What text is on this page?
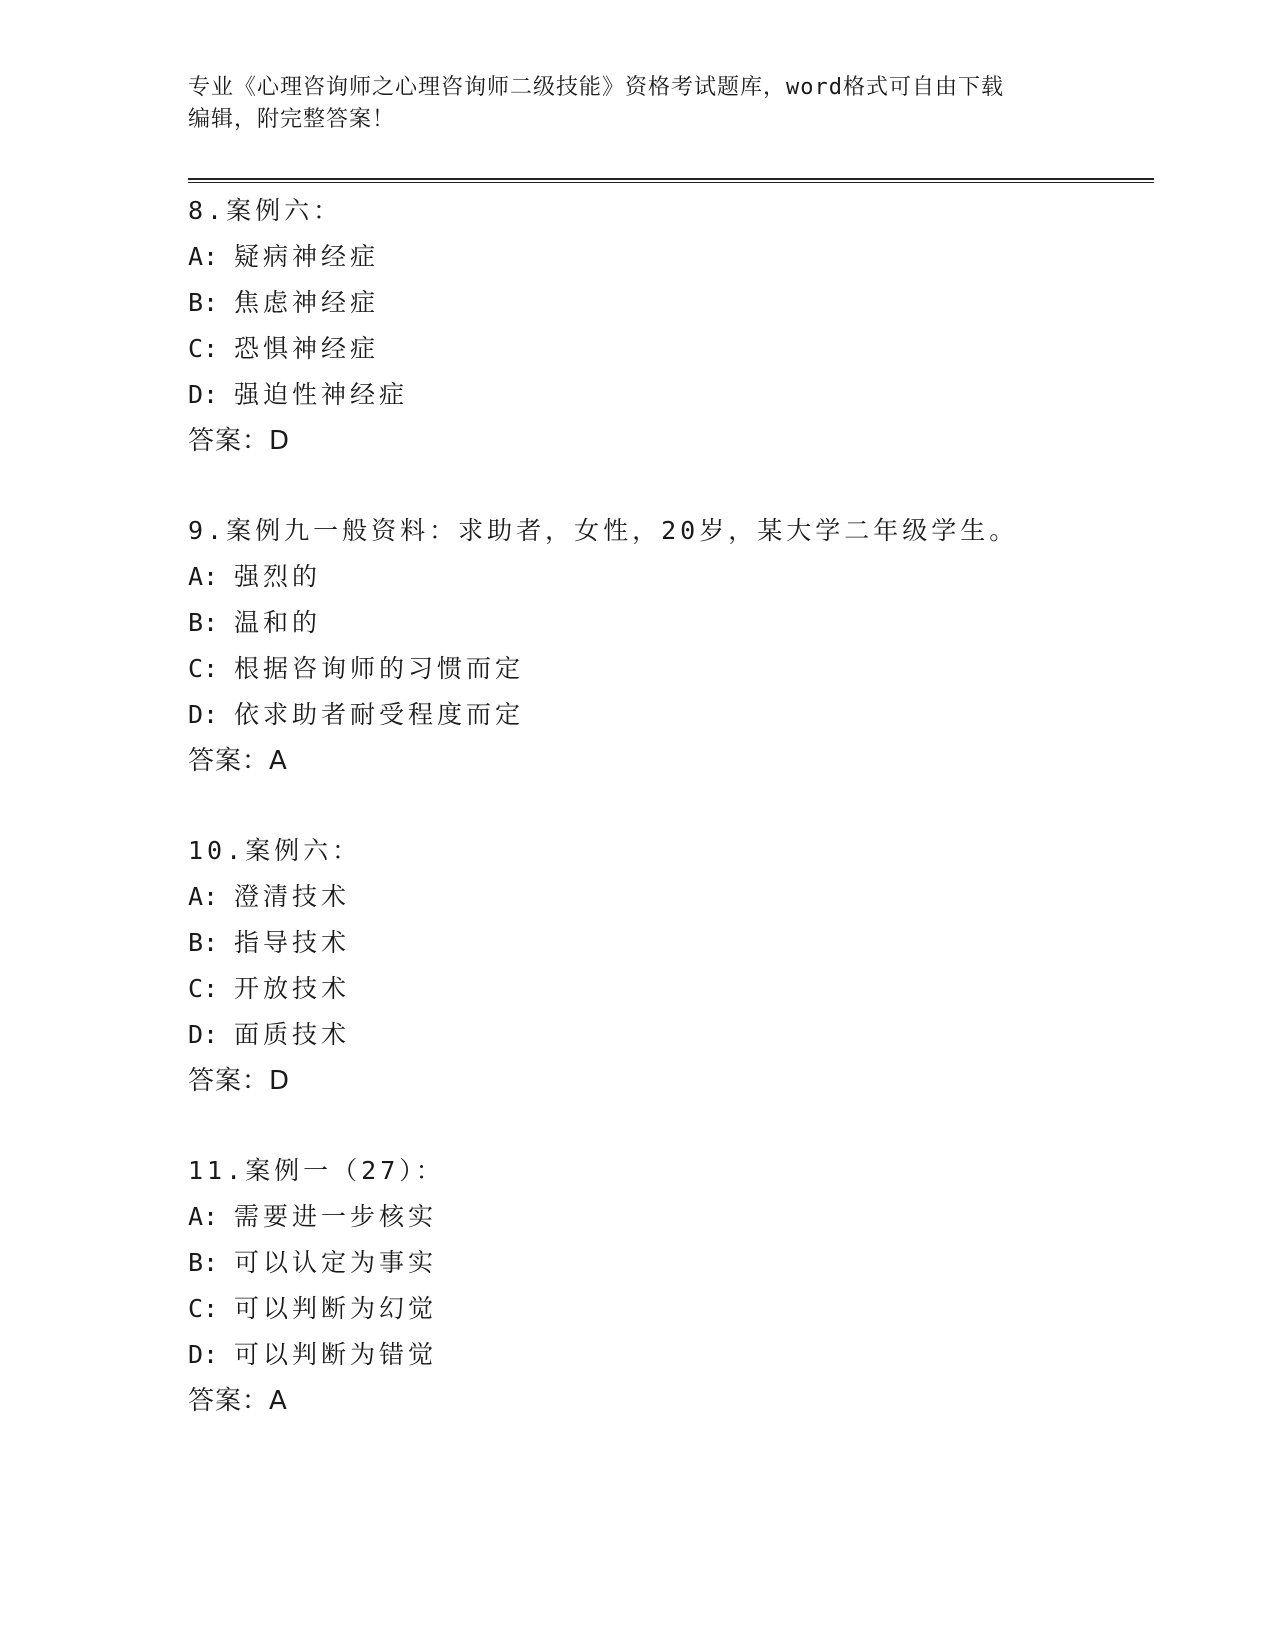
专业《心理咨询师之心理咨询师二级技能》资格考试题库，word格式可自由下载
编辑，附完整答案！
8.案例六：
A: 疑病神经症
B: 焦虑神经症
C: 恐惧神经症
D: 强迫性神经症
答案：D
9.案例九一般资料：求助者，女性，20岁，某大学二年级学生。
A: 强烈的
B: 温和的
C: 根据咨询师的习惯而定
D: 依求助者耐受程度而定
答案：A
10.案例六：
A: 澄清技术
B: 指导技术
C: 开放技术
D: 面质技术
答案：D
11.案例一（27）：
A: 需要进一步核实
B: 可以认定为事实
C: 可以判断为幻觉
D: 可以判断为错觉
答案：A
